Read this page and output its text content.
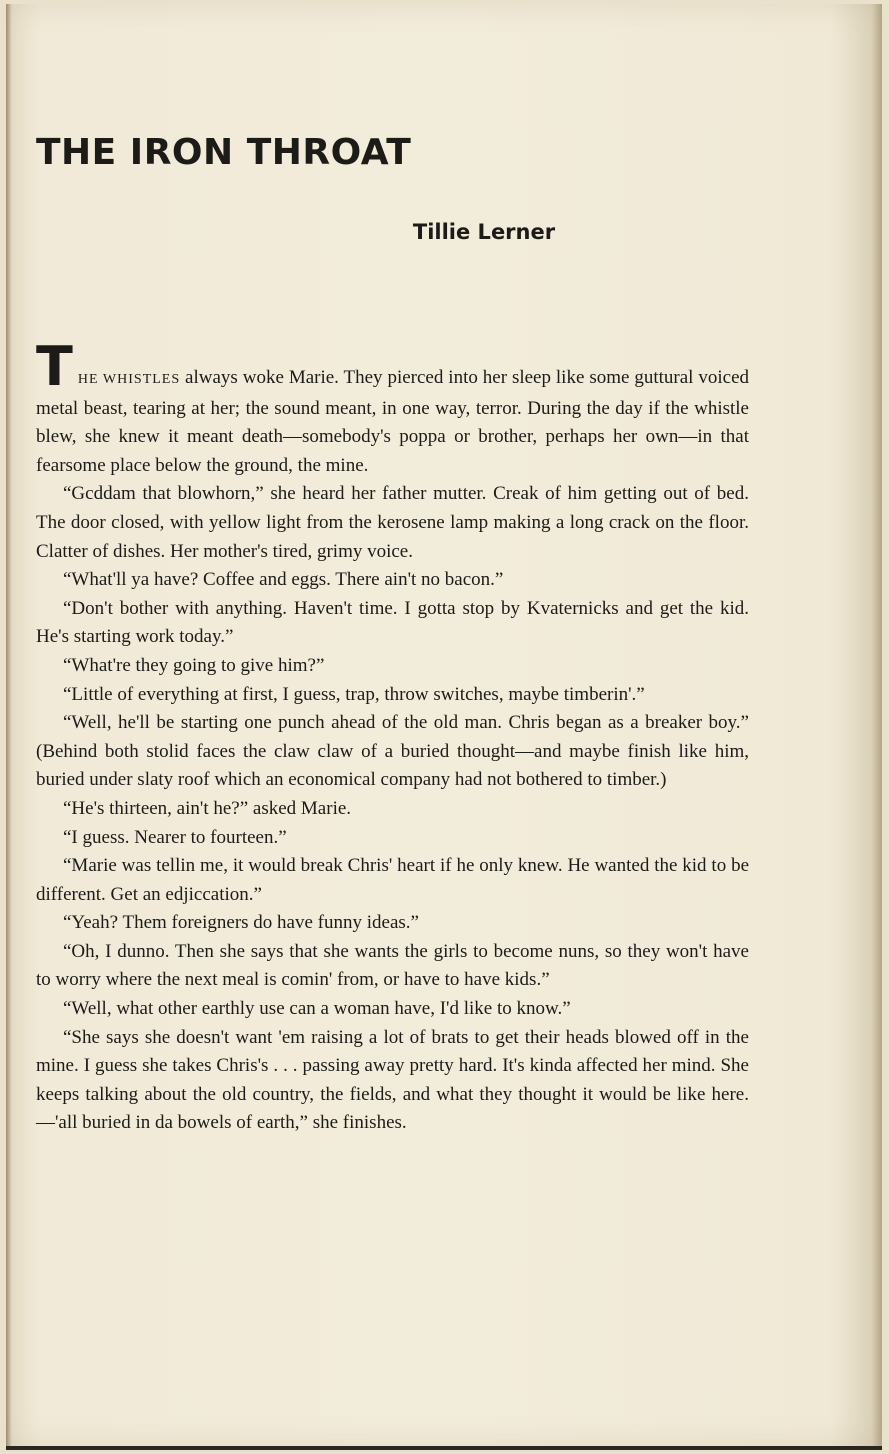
THE IRON THROAT
Tillie Lerner

THE WHISTLES always woke Marie. They pierced into her sleep like some guttural voiced metal beast, tearing at her; the sound meant, in one way, terror. During the day if the whistle blew, she knew it meant death—somebody's poppa or brother, perhaps her own—in that fearsome place below the ground, the mine.

“Gcddam that blowhorn,” she heard her father mutter. Creak of him getting out of bed. The door closed, with yellow light from the kerosene lamp making a long crack on the floor. Clatter of dishes. Her mother's tired, grimy voice.

“What'll ya have? Coffee and eggs. There ain't no bacon.”

“Don't bother with anything. Haven't time. I gotta stop by Kvaternicks and get the kid. He's starting work today.”

“What're they going to give him?”

“Little of everything at first, I guess, trap, throw switches, maybe timberin'.”

“Well, he'll be starting one punch ahead of the old man. Chris began as a breaker boy.” (Behind both stolid faces the claw claw of a buried thought—and maybe finish like him, buried under slaty roof which an economical company had not bothered to timber.)

“He's thirteen, ain't he?” asked Marie.

“I guess. Nearer to fourteen.”

“Marie was tellin me, it would break Chris' heart if he only knew. He wanted the kid to be different. Get an edjiccation.”

“Yeah? Them foreigners do have funny ideas.”

“Oh, I dunno. Then she says that she wants the girls to become nuns, so they won't have to worry where the next meal is comin' from, or have to have kids.”

“Well, what other earthly use can a woman have, I'd like to know.”

“She says she doesn't want 'em raising a lot of brats to get their heads blowed off in the mine. I guess she takes Chris's . . . passing away pretty hard. It's kinda affected her mind. She keeps talking about the old country, the fields, and what they thought it would be like here. —'all buried in da bowels of earth,” she finishes.
